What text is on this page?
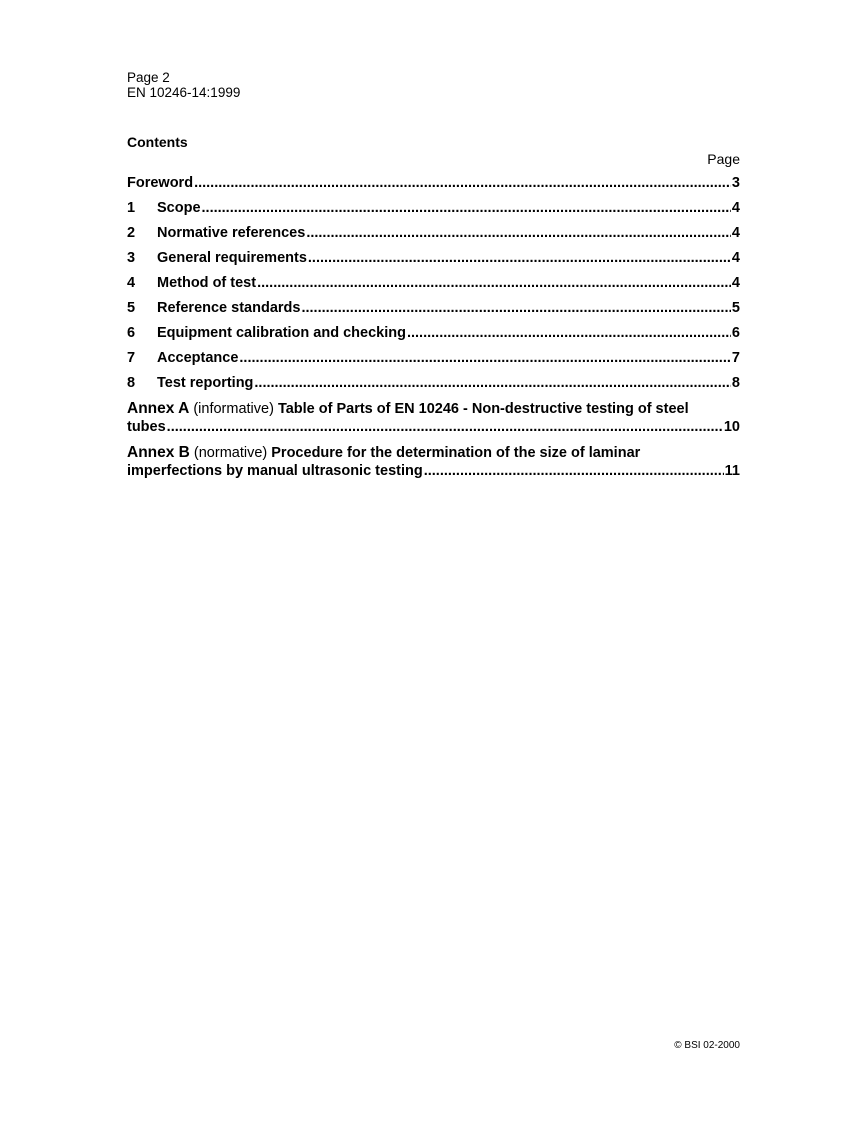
Page 2
EN 10246-14:1999
Contents
Page
Foreword .....	3
1	Scope .....	4
2	Normative references .....	4
3	General requirements .....	4
4	Method of test .....	4
5	Reference standards .....	5
6	Equipment calibration and checking .....	6
7	Acceptance .....	7
8	Test reporting .....	8
Annex A (informative) Table of Parts of EN 10246 - Non-destructive testing of steel
tubes .....	10
Annex B (normative) Procedure for the determination of the size of laminar
imperfections by manual ultrasonic testing .....	11
© BSI 02-2000
